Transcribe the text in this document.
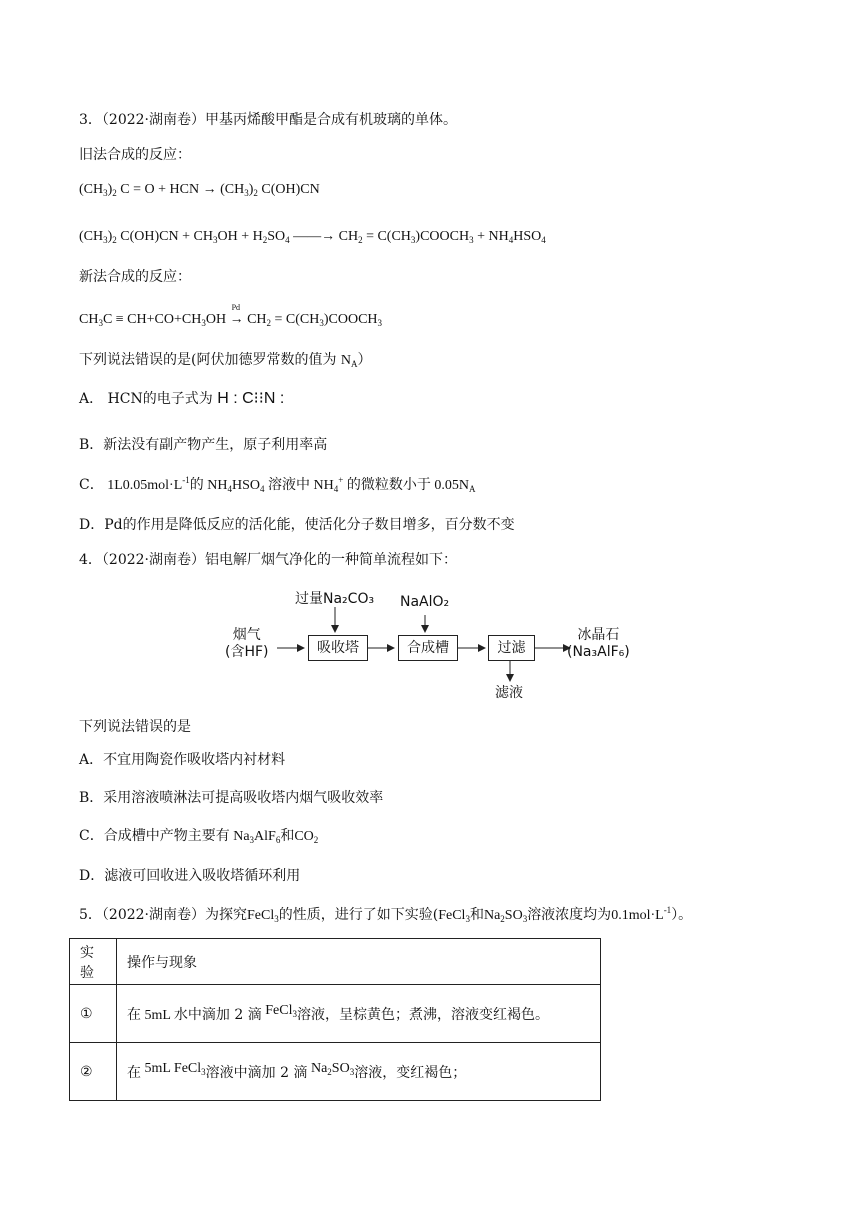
3．（2022·湖南卷）甲基丙烯酸甲酯是合成有机玻璃的单体。
旧法合成的反应：
$(CH_3)_2$ C = O + HCN → $(CH_3)_2$ C(OH)CN
$(CH_3)_2$ $C(OH)CN + CH_3OH + H_2SO_4$ ——→ $CH_2$ = $C(CH_3)COOCH_3 + NH_4HSO_4$
新法合成的反应：
$CH_3C \equiv CH+CO+CH_3OH$
Pd
→ $CH_2$ = $C(CH_3)COOCH_3$
下列说法错误的是(阿伏加德罗常数的值为 $N_A$）
A． HCN的电子式为 H : C⁝⁝N :
B．新法没有副产物产生，原子利用率高
C． $1L0.05mol\cdot L^{-1}$的 $NH_4HSO_4$ 溶液中 $NH_4^+$ 的微粒数小于 $0.05N_A$
D．Pd的作用是降低反应的活化能，使活化分子数目增多，百分数不变
4．（2022·湖南卷）铝电解厂烟气净化的一种简单流程如下：
过量Na₂CO₃ NaAlO₂
烟气
(含HF)	吸收塔	合成槽	过滤
冰晶石
(Na₃AlF₆)
滤液
下列说法错误的是
A．不宜用陶瓷作吸收塔内衬材料
B．采用溶液喷淋法可提高吸收塔内烟气吸收效率
C．合成槽中产物主要有 $Na_3AlF_6$和$CO_2$
D．滤液可回收进入吸收塔循环利用
5．（2022·湖南卷）为探究FeCl$_3$的性质，进行了如下实验(FeCl$_3$和$Na_2SO_3$溶液浓度均为$0.1mol\cdot L^{-1}$）。
实验	操作与现象
①	在 5mL 水中滴加 2 滴 FeCl$_3$溶液，呈棕黄色；煮沸，溶液变红褐色。
②	在 5mL FeCl$_3$溶液中滴加 2 滴 $Na_2SO_3$溶液，变红褐色；
